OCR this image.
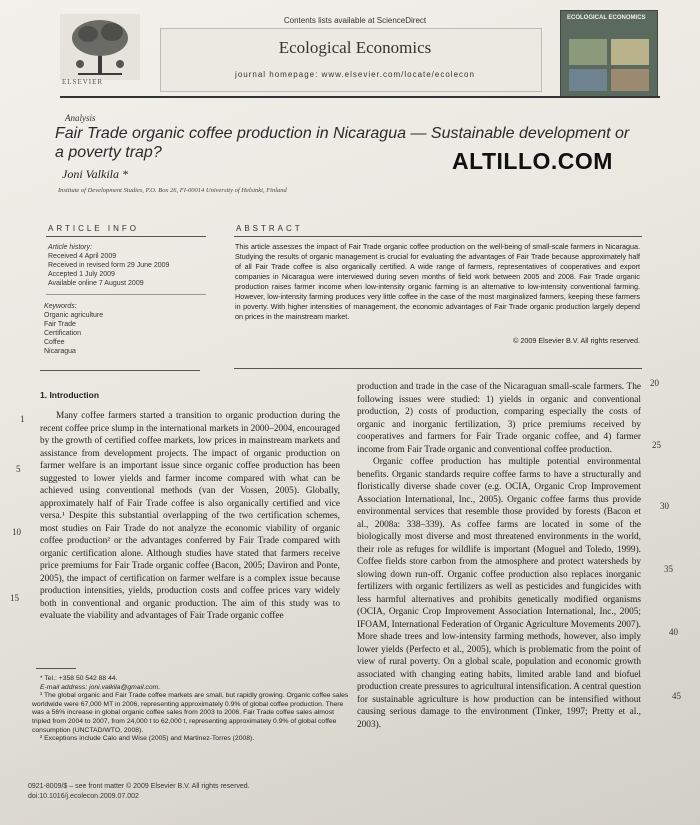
Contents lists available at ScienceDirect
Ecological Economics
journal homepage: www.elsevier.com/locate/ecolecon
ELSEVIER
ECOLOGICAL ECONOMICS
Analysis
Fair Trade organic coffee production in Nicaragua — Sustainable development or a poverty trap?
Joni Valkila *
Institute of Development Studies, P.O. Box 26, FI-00014 University of Helsinki, Finland
ALTILLO.COM
ARTICLE INFO
Article history:
Received 4 April 2009
Received in revised form 29 June 2009
Accepted 1 July 2009
Available online 7 August 2009
Keywords:
Organic agriculture
Fair Trade
Certification
Coffee
Nicaragua
ABSTRACT
This article assesses the impact of Fair Trade organic coffee production on the well-being of small-scale farmers in Nicaragua. Studying the results of organic management is crucial for evaluating the advantages of Fair Trade because approximately half of all Fair Trade coffee is also organically certified. A wide range of farmers, representatives of cooperatives and export companies in Nicaragua were interviewed during seven months of field work between 2005 and 2008. Fair Trade organic production raises farmer income when low-intensity organic farming is an alternative to low-intensity conventional farming. However, low-intensity farming produces very little coffee in the case of the most marginalized farmers, keeping these farmers in poverty. With higher intensities of management, the economic advantages of Fair Trade organic production largely depend on prices in the mainstream market.
© 2009 Elsevier B.V. All rights reserved.
1. Introduction

Many coffee farmers started a transition to organic production during the recent coffee price slump in the international markets in 2000–2004, encouraged by the growth of certified coffee markets, low prices in mainstream markets and assistance from development projects. The impact of organic production on farmer welfare is an important issue since organic coffee production has been suggested to lower yields and farmer income compared with what can be achieved using conventional methods (van der Vossen, 2005). Globally, approximately half of Fair Trade coffee is also organically certified and vice versa.¹ Despite this substantial overlapping of the two certification schemes, most studies on Fair Trade do not analyze the economic viability of organic coffee production² or the advantages conferred by Fair Trade compared with organic certification alone. Although studies have stated that farmers receive price premiums for Fair Trade organic coffee (Bacon, 2005; Daviron and Ponte, 2005), the impact of certification on farmer welfare is a complex issue because production intensities, yields, production costs and coffee prices vary widely both in conventional and organic production. The aim of this study was to evaluate the viability and advantages of Fair Trade organic coffee

production and trade in the case of the Nicaraguan small-scale farmers. The following issues were studied: 1) yields in organic and conventional production, 2) costs of production, comparing especially the costs of organic and inorganic fertilization, 3) price premiums received by cooperatives and farmers for Fair Trade organic coffee, and 4) farmer income from Fair Trade organic and conventional coffee production.

Organic coffee production has multiple potential environmental benefits. Organic standards require coffee farms to have a structurally and floristically diverse shade cover (e.g. OCIA, Organic Crop Improvement Association International, Inc., 2005). Organic coffee farms thus provide environmental services that resemble those provided by forests (Bacon et al., 2008a: 338–339). As coffee farms are located in some of the biologically most diverse and most threatened environments in the world, their role as refuges for wildlife is important (Moguel and Toledo, 1999). Coffee fields store carbon from the atmosphere and protect watersheds by slowing down run-off. Organic coffee production also replaces inorganic fertilizers with organic fertilizers as well as pesticides and fungicides with less harmful alternatives and prohibits genetically modified organisms (OCIA, Organic Crop Improvement Association International, Inc., 2005; IFOAM, International Federation of Organic Agriculture Movements 2007). More shade trees and low-intensity farming methods, however, also imply lower yields (Perfecto et al., 2005), which is problematic from the point of view of rural poverty. On a global scale, population and economic growth associated with changing eating habits, limited arable land and biofuel production create pressures to agricultural intensification. A central question for sustainable agriculture is how production can be intensified without causing serious damage to the environment (Tinker, 1997; Pretty et al., 2003).

1
5
10
15
20
25
30
35
40
45
* Tel.: +358 50 542 88 44.
E-mail address: joni.valkila@gmail.com.
¹ The global organic and Fair Trade coffee markets are small, but rapidly growing. Organic coffee sales worldwide were 67,000 MT in 2006, representing approximately 0.9% of global coffee production. There was a 56% increase in global organic coffee sales from 2003 to 2006. Fair Trade coffee sales almost tripled from 2004 to 2007, from 24,000 t to 62,000 t, representing approximately 0.9% of global coffee consumption (UNCTAD/WTO, 2008).
² Exceptions include Calo and Wise (2005) and Martinez-Torres (2008).
0921-8009/$ – see front matter © 2009 Elsevier B.V. All rights reserved.
doi:10.1016/j.ecolecon.2009.07.002
